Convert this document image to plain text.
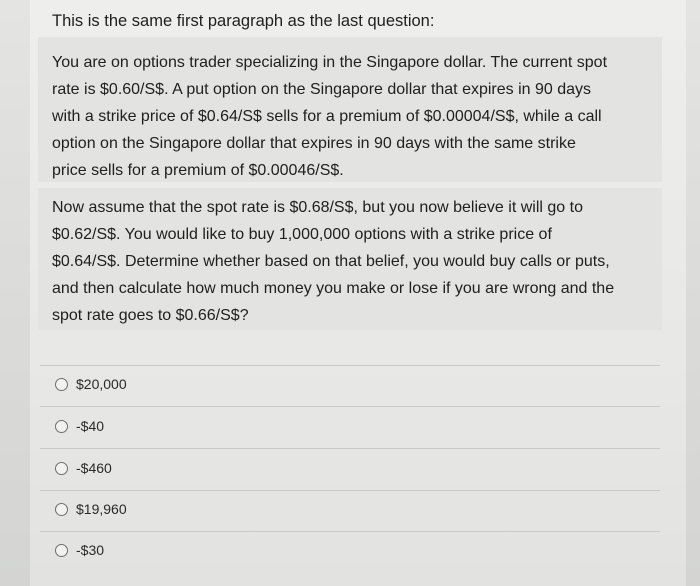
This is the same first paragraph as the last question:
You are on options trader specializing in the Singapore dollar. The current spot
rate is $0.60/S$. A put option on the Singapore dollar that expires in 90 days
with a strike price of $0.64/S$ sells for a premium of $0.00004/S$, while a call
option on the Singapore dollar that expires in 90 days with the same strike
price sells for a premium of $0.00046/S$.
Now assume that the spot rate is $0.68/S$, but you now believe it will go to
$0.62/S$. You would like to buy 1,000,000 options with a strike price of
$0.64/S$. Determine whether based on that belief, you would buy calls or puts,
and then calculate how much money you make or lose if you are wrong and the
spot rate goes to $0.66/S$?
$20,000
-$40
-$460
$19,960
-$30
